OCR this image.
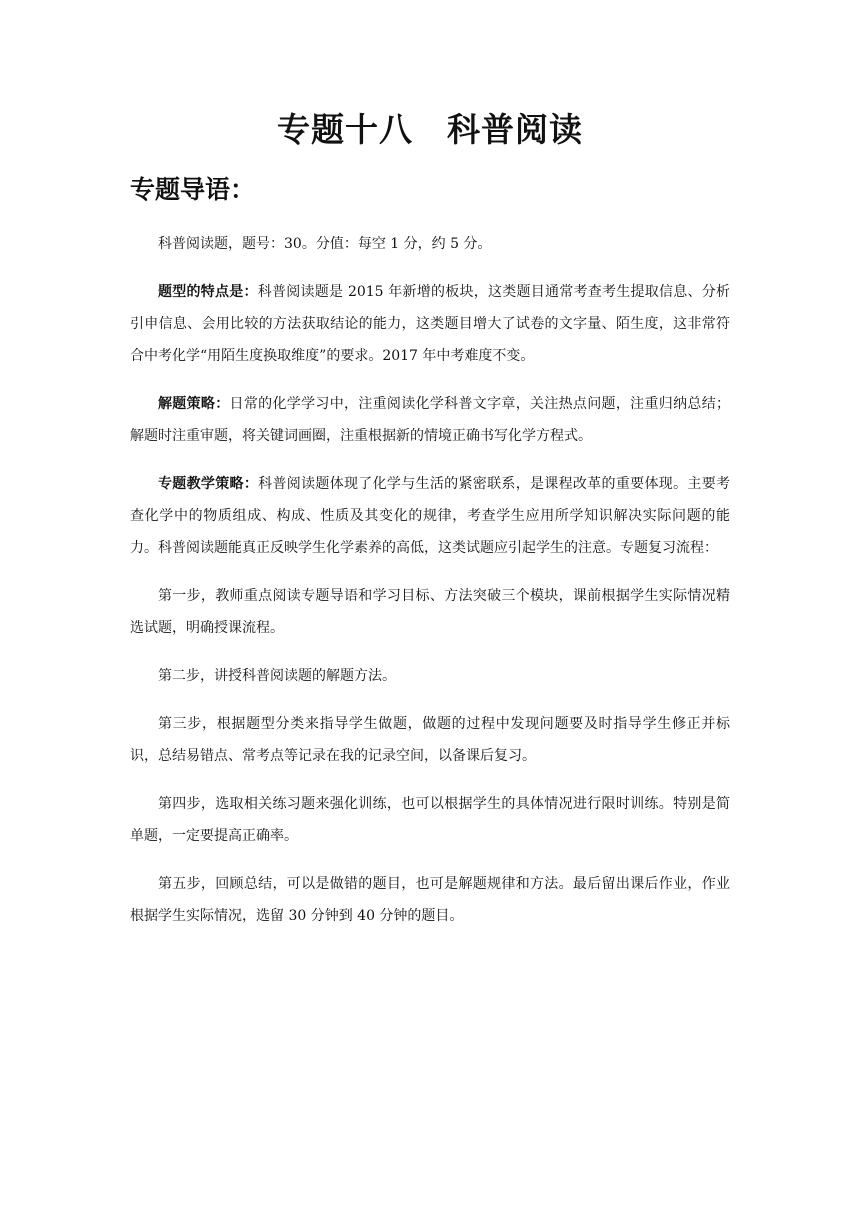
专题十八　科普阅读
专题导语：

科普阅读题，题号：30。分值：每空 1 分，约 5 分。

题型的特点是：科普阅读题是 2015 年新增的板块，这类题目通常考查考生提取信息、分析引申信息、会用比较的方法获取结论的能力，这类题目增大了试卷的文字量、陌生度，这非常符合中考化学“用陌生度换取维度”的要求。2017 年中考难度不变。

解题策略：日常的化学学习中，注重阅读化学科普文字章，关注热点问题，注重归纳总结；解题时注重审题，将关键词画圈，注重根据新的情境正确书写化学方程式。

专题教学策略：科普阅读题体现了化学与生活的紧密联系，是课程改革的重要体现。主要考查化学中的物质组成、构成、性质及其变化的规律，考查学生应用所学知识解决实际问题的能力。科普阅读题能真正反映学生化学素养的高低，这类试题应引起学生的注意。专题复习流程：

第一步，教师重点阅读专题导语和学习目标、方法突破三个模块，课前根据学生实际情况精选试题，明确授课流程。

第二步，讲授科普阅读题的解题方法。

第三步，根据题型分类来指导学生做题，做题的过程中发现问题要及时指导学生修正并标识，总结易错点、常考点等记录在我的记录空间，以备课后复习。

第四步，选取相关练习题来强化训练，也可以根据学生的具体情况进行限时训练。特别是简单题，一定要提高正确率。

第五步，回顾总结，可以是做错的题目，也可是解题规律和方法。最后留出课后作业，作业根据学生实际情况，选留 30 分钟到 40 分钟的题目。
